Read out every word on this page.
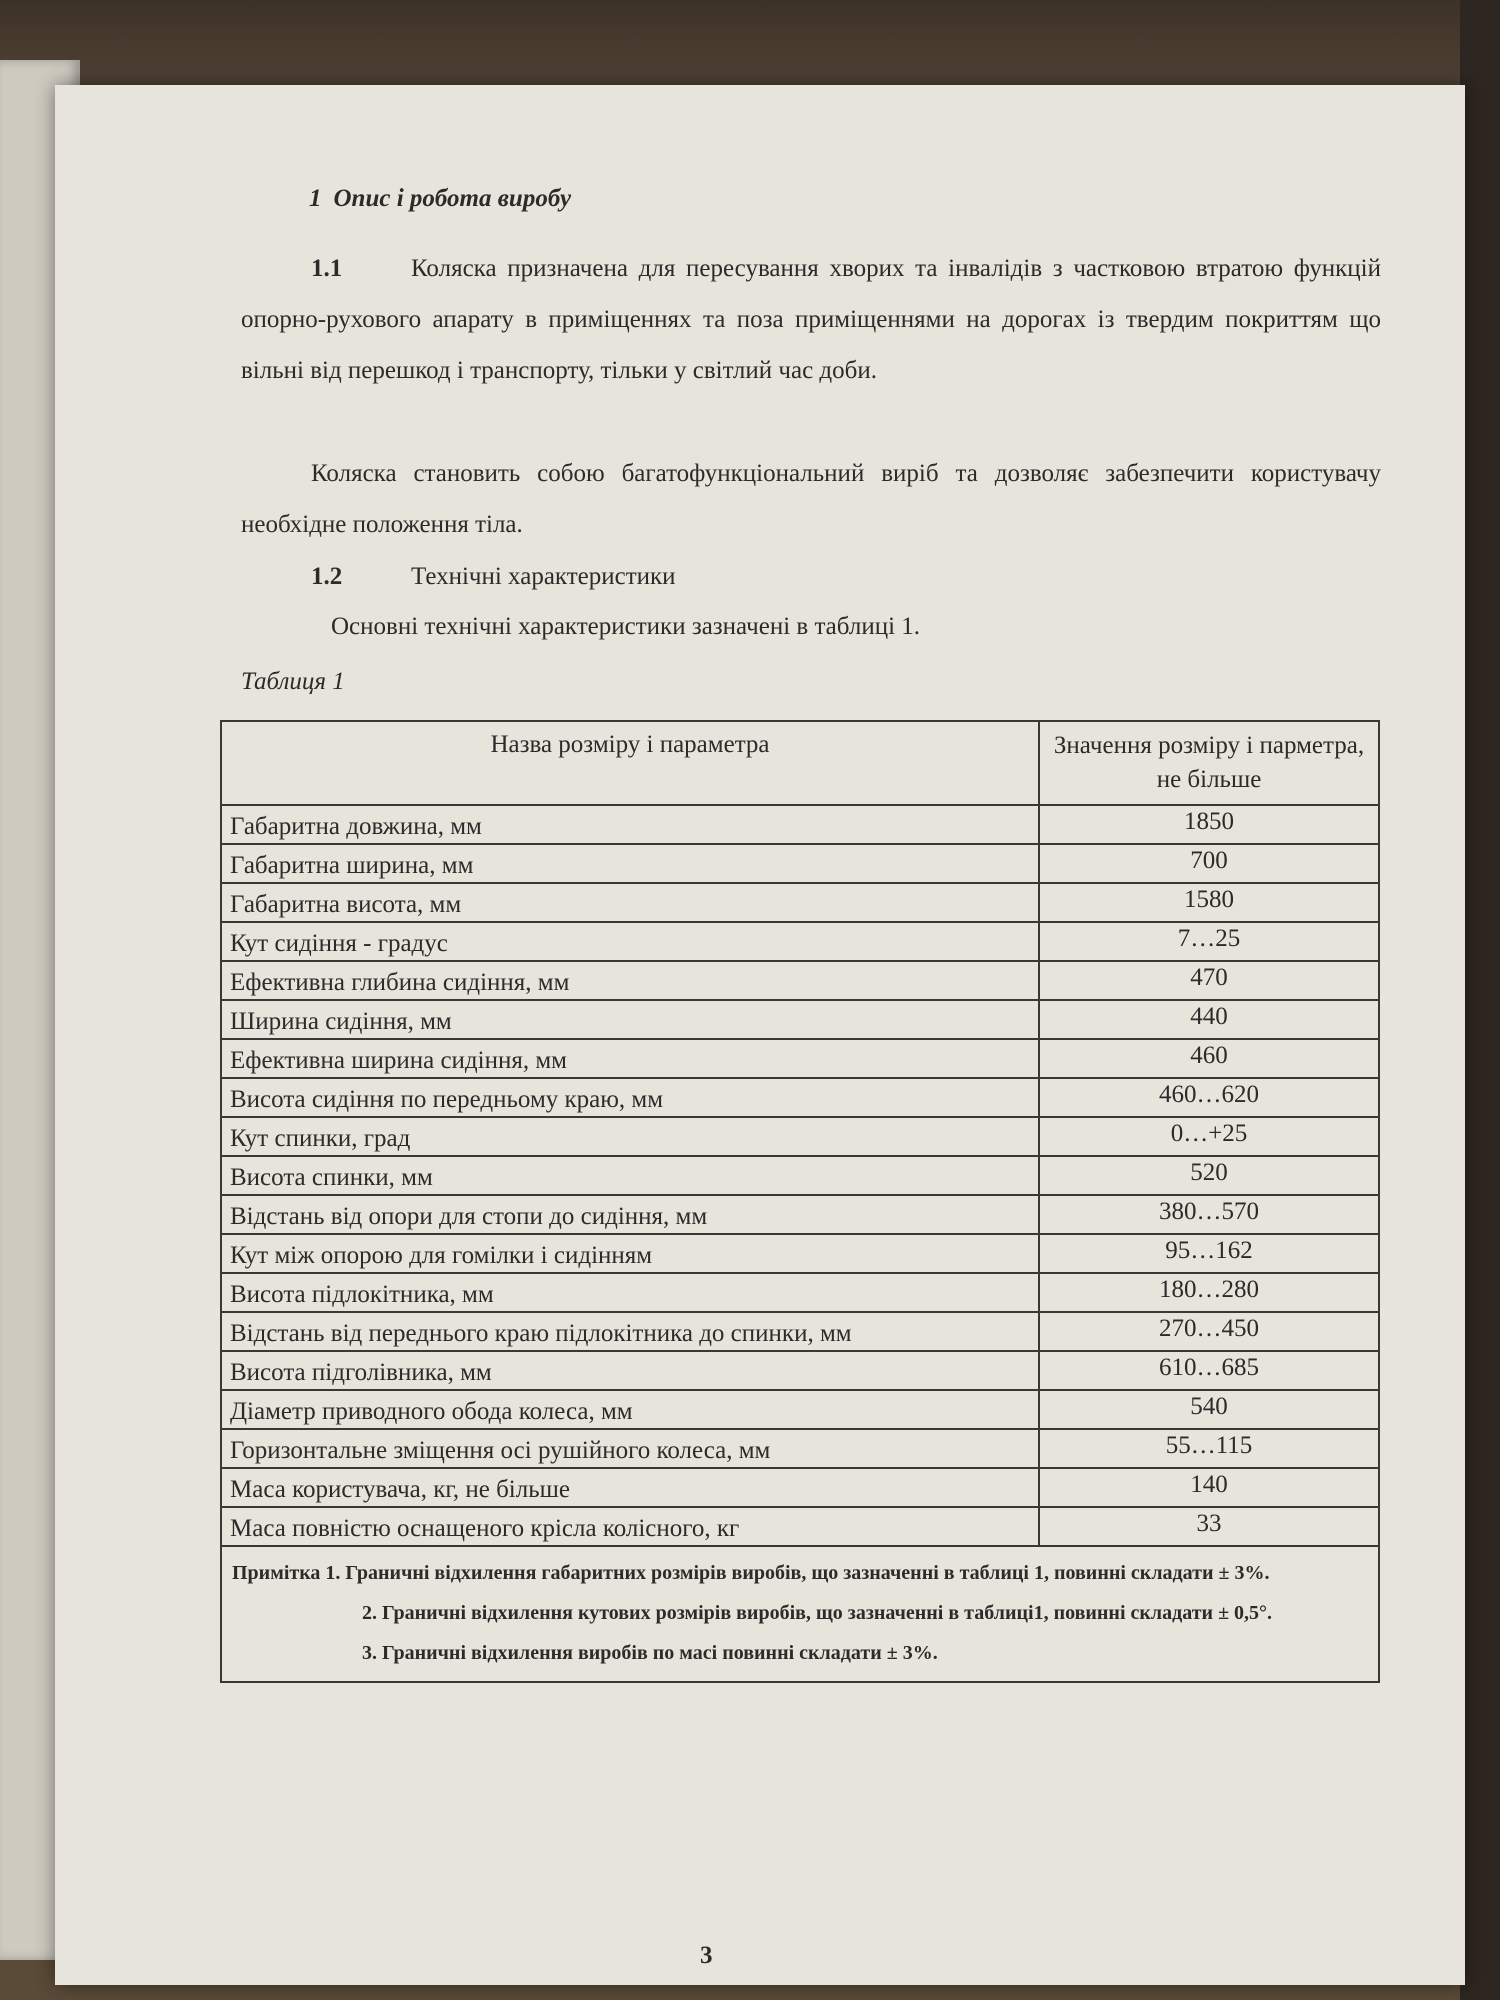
1 Опис і робота виробу
1.1	Коляска призначена для пересування хворих та інвалідів з частковою втратою функцій опорно-рухового апарату в приміщеннях та поза приміщеннями на дорогах із твердим покриттям що вільні від перешкод і транспорту, тільки у світлий час доби.
Коляска становить собою багатофункціональний виріб та дозволяє забезпечити користувачу необхідне положення тіла.
1.2	Технічні характеристики
Основні технічні характеристики зазначені в таблиці 1.
Таблиця 1
Назва розміру і параметра	Значення розміру і парметра, не більше
Габаритна довжина, мм	1850
Габаритна ширина, мм	700
Габаритна висота, мм	1580
Кут сидіння - градус	7…25
Ефективна глибина сидіння, мм	470
Ширина сидіння, мм	440
Ефективна ширина сидіння, мм	460
Висота сидіння по передньому краю, мм	460…620
Кут спинки, град	0…+25
Висота спинки, мм	520
Відстань від опори для стопи до сидіння, мм	380…570
Кут між опорою для гомілки і сидінням	95…162
Висота підлокітника, мм	180…280
Відстань від переднього краю підлокітника до спинки, мм	270…450
Висота підголівника, мм	610…685
Діаметр приводного обода колеса, мм	540
Горизонтальне зміщення осі рушійного колеса, мм	55…115
Маса користувача, кг, не більше	140
Маса повністю оснащеного крісла колісного, кг	33

Примітка 1. Граничні відхилення габаритних розмірів виробів, що зазначенні в таблиці 1, повинні складати ± 3%.
2. Граничні відхилення кутових розмірів виробів, що зазначенні в таблиці1, повинні складати ± 0,5°.
3. Граничні відхилення виробів по масі повинні складати ± 3%.	
3
